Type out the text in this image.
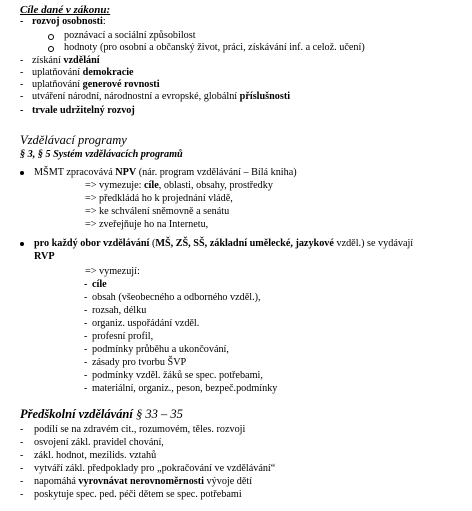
Cíle dané v zákonu:
- rozvoj osobnosti:
poznávací a sociální způsobilost
hodnoty (pro osobní a občanský život, práci, získávání inf. a celož. učení)
- získání vzdělání
- uplatňování demokracie
- uplatňování generové rovnosti
- utváření národní, národnostní a evropské, globální příslušnosti
- trvale udržitelný rozvoj
Vzdělávací programy
§ 3, § 5 Systém vzdělávacích programů
MŠMT zpracovává NPV (nár. program vzdělávání – Bílá kniha)
=> vymezuje: cíle, oblasti, obsahy, prostředky
=> předkládá ho k projednání vládě,
=> ke schválení sněmovně a senátu
=> zveřejňuje ho na Internetu,
pro každý obor vzdělávání (MŠ, ZŠ, SŠ, základní umělecké, jazykové vzděl.) se vydávají
RVP
=> vymezují:
- cíle
- obsah (všeobecného a odborného vzděl.),
- rozsah, délku
- organiz. uspořádání vzděl.
- profesní profil,
- podmínky průběhu a ukončování,
- zásady pro tvorbu ŠVP
- podmínky vzděl. žáků se spec. potřebami,
- materiální, organiz., peson, bezpeč.podmínky
Předškolní vzdělávání § 33 – 35
- podílí se na zdravém cit., rozumovém, těles. rozvoji
- osvojení zákl. pravidel chování,
- zákl. hodnot, mezilids. vztahů
- vytváří zákl. předpoklady pro „pokračování ve vzdělávání“
- napomáhá vyrovnávat nerovnoměrnosti vývoje dětí
- poskytuje spec. ped. péči dětem se spec. potřebami
